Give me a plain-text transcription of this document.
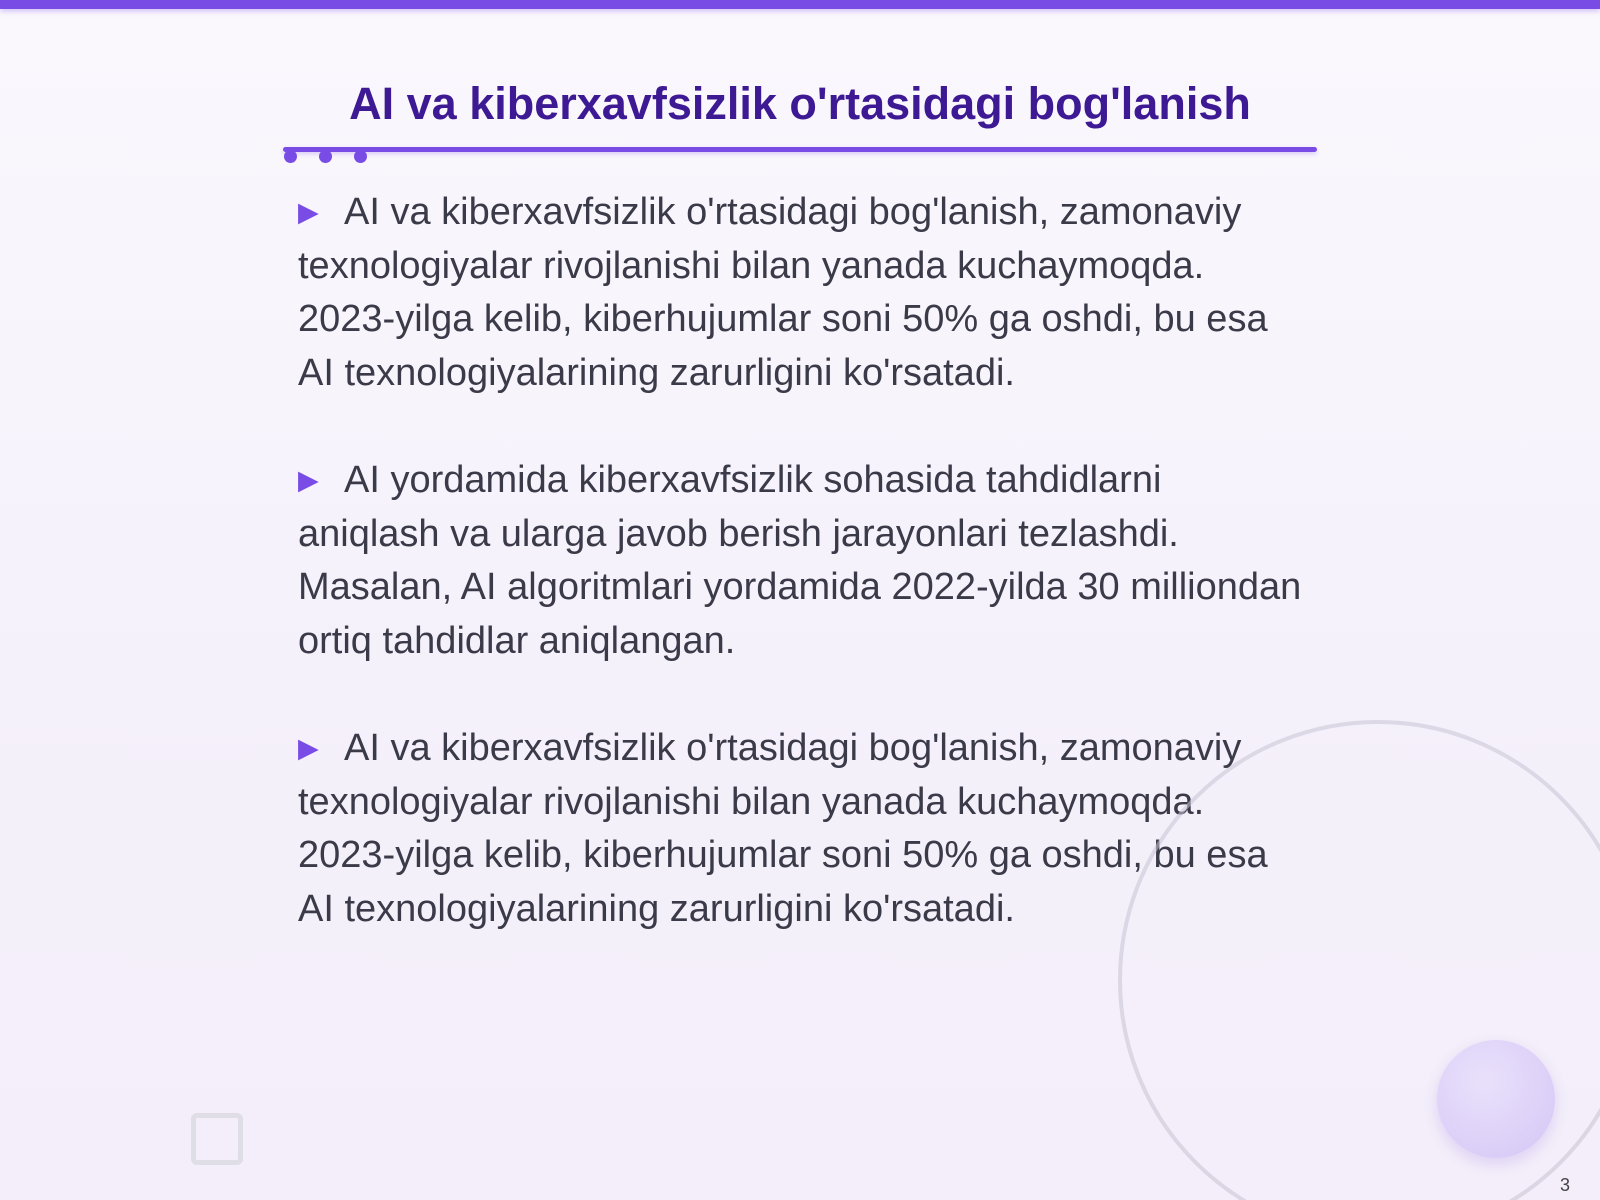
AI va kiberxavfsizlik o'rtasidagi bog'lanish

▶ AI va kiberxavfsizlik o'rtasidagi bog'lanish, zamonaviy texnologiyalar rivojlanishi bilan yanada kuchaymoqda. 2023-yilga kelib, kiberhujumlar soni 50% ga oshdi, bu esa AI texnologiyalarining zarurligini ko'rsatadi.

▶ AI yordamida kiberxavfsizlik sohasida tahdidlarni aniqlash va ularga javob berish jarayonlari tezlashdi. Masalan, AI algoritmlari yordamida 2022-yilda 30 milliondan ortiq tahdidlar aniqlangan.

▶ AI va kiberxavfsizlik o'rtasidagi bog'lanish, zamonaviy texnologiyalar rivojlanishi bilan yanada kuchaymoqda. 2023-yilga kelib, kiberhujumlar soni 50% ga oshdi, bu esa AI texnologiyalarining zarurligini ko'rsatadi.

3
